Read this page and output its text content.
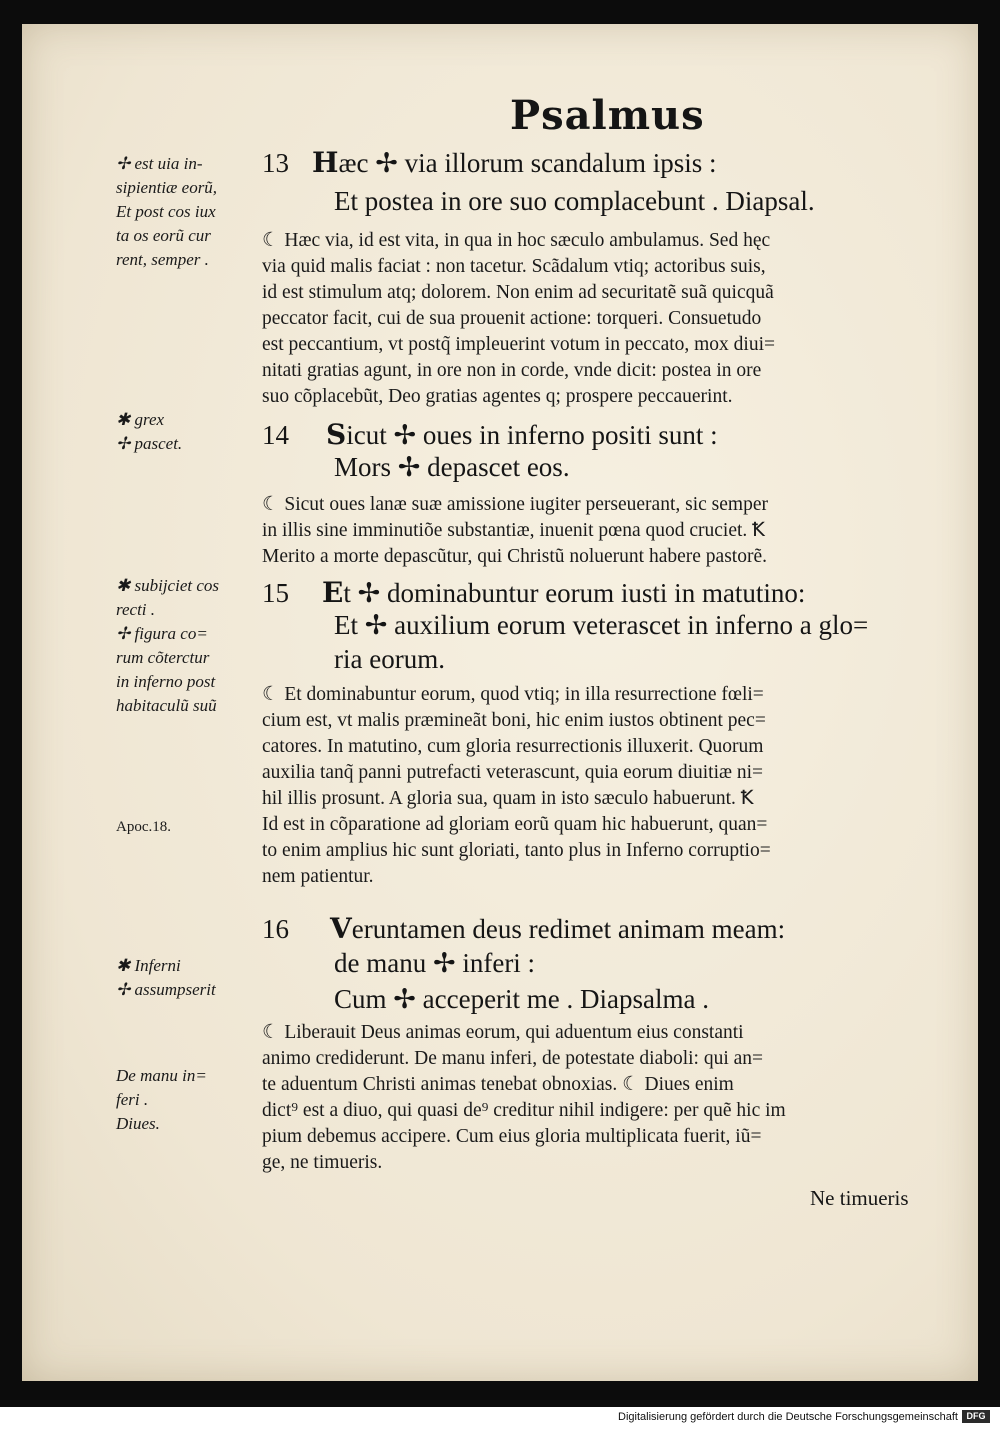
Psalmus
✢ est uia in-
sipientiæ eorũ,
Et post cos iux
ta os eorũ cur
rent, semper .
✱ grex
✢ pascet.
✱ subijciet cos
recti .
✢ figura co=
rum cõterctur
in inferno post
habitaculũ suũ
Apoc.18.
✱ Inferni
✢ assumpserit
De manu in=
feri .
Diues.
13 Hæc ✢ via illorum scandalum ipsis :
Et postea in ore suo complacebunt . Diapsal.

☾ Hæc via, id est vita, in qua in hoc sæculo ambulamus. Sed hęc

via quid malis faciat : non tacetur. Scãdalum vtiq; actoribus suis,

id est stimulum atq; dolorem. Non enim ad securitatẽ suã quicquã

peccator facit, cui de sua prouenit actione: torqueri. Consuetudo

est peccantium, vt postq̃ impleuerint votum in peccato, mox diui=

nitati gratias agunt, in ore non in corde, vnde dicit: postea in ore

suo cõplacebũt, Deo gratias agentes q; prospere peccauerint.

14 Sicut ✢ oues in inferno positi sunt :
Mors ✢ depascet eos.

☾ Sicut oues lanæ suæ amissione iugiter perseuerant, sic semper

in illis sine imminutiõe substantiæ, inuenit pœna quod cruciet. Ꝁ

Merito a morte depascũtur, qui Christũ noluerunt habere pastorẽ.

15 Et ✢ dominabuntur eorum iusti in matutino:
Et ✢ auxilium eorum veterascet in inferno a glo=
ria eorum.

☾ Et dominabuntur eorum, quod vtiq; in illa resurrectione fœli=

cium est, vt malis præmineãt boni, hic enim iustos obtinent pec=

catores. In matutino, cum gloria resurrectionis illuxerit. Quorum

auxilia tanq̃ panni putrefacti veterascunt, quia eorum diuitiæ ni=

hil illis prosunt. A gloria sua, quam in isto sæculo habuerunt. Ꝁ

Id est in cõparatione ad gloriam eorũ quam hic habuerunt, quan=

to enim amplius hic sunt gloriati, tanto plus in Inferno corruptio=

nem patientur.

16 Veruntamen deus redimet animam meam:
de manu ✢ inferi :
Cum ✢ acceperit me . Diapsalma .

☾ Liberauit Deus animas eorum, qui aduentum eius constanti

animo crediderunt. De manu inferi, de potestate diaboli: qui an=

te aduentum Christi animas tenebat obnoxias. ☾ Diues enim

dict⁹ est a diuo, qui quasi de⁹ creditur nihil indigere: per quẽ hic im

pium debemus accipere. Cum eius gloria multiplicata fuerit, iũ=

ge, ne timueris.

Ne timueris
Digitalisierung gefördert durch die Deutsche Forschungsgemeinschaft DFG
